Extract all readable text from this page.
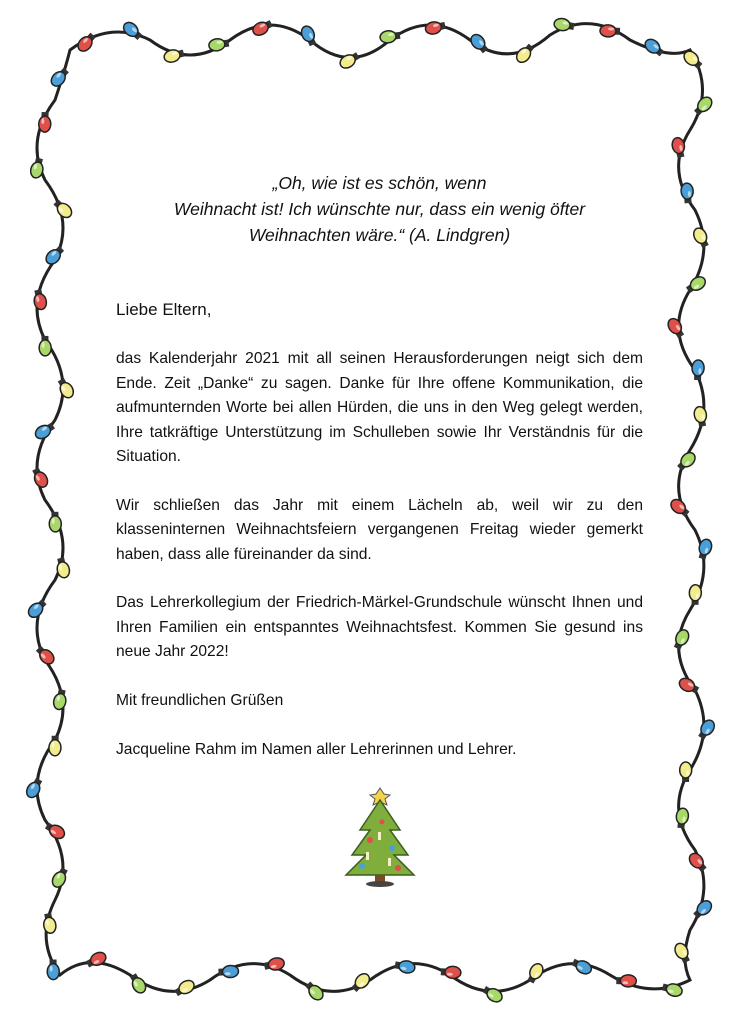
„Oh, wie ist es schön, wenn
Weihnacht ist! Ich wünschte nur, dass ein wenig öfter
Weihnachten wäre.“ (A. Lindgren)
Liebe Eltern,

das Kalenderjahr 2021 mit all seinen Herausforderungen neigt sich dem Ende. Zeit „Danke“ zu sagen. Danke für Ihre offene Kommunikation, die aufmunternden Worte bei allen Hürden, die uns in den Weg gelegt werden, Ihre tatkräftige Unterstützung im Schulleben sowie Ihr Verständnis für die Situation.

Wir schließen das Jahr mit einem Lächeln ab, weil wir zu den klasseninternen Weihnachtsfeiern vergangenen Freitag wieder gemerkt haben, dass alle füreinander da sind.

Das Lehrerkollegium der Friedrich-Märkel-Grundschule wünscht Ihnen und Ihren Familien ein entspanntes Weihnachtsfest. Kommen Sie gesund ins neue Jahr 2022!

Mit freundlichen Grüßen
Jacqueline Rahm im Namen aller Lehrerinnen und Lehrer.
